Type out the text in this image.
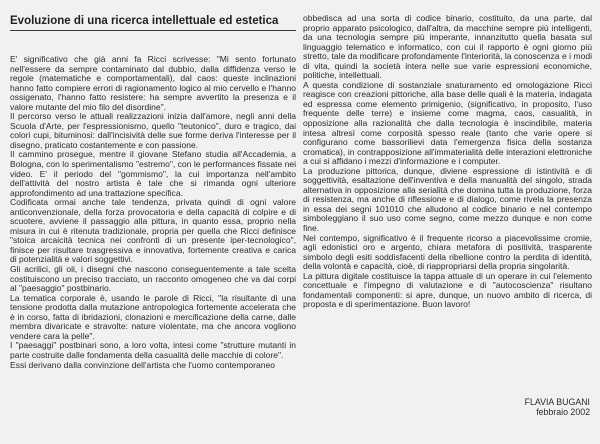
Evoluzione di una ricerca intellettuale ed estetica

E' significativo che già anni fa Ricci scrivesse: "Mi sento fortunato nell'essere da sempre contaminato dal dubbio, dalla diffidenza verso le regole (matematiche e comportamentali), dal caos: queste inclinazioni hanno fatto compiere errori di ragionamento logico al mio cervello e l'hanno ossigenato, l'hanno fatto resistere: ha sempre avvertito la presenza e il valore mutante del mio filo del disordine".

Il percorso verso le attuali realizzazioni inizia dall'amore, negli anni della Scuola d'Arte, per l'espressionismo, quello "teutonico", duro e tragico, dai colori cupi, bituminosi: dall'incisività delle sue forme deriva l'interesse per il disegno, praticato costantemente e con passione.

Il cammino prosegue, mentre il giovane Stefano studia all'Accademia, a Bologna, con lo sperimentalismo "estremo", con le performances fissate nei video. E' il periodo del "gommismo", la cui importanza nell'ambito dell'attività del nostro artista è tale che si rimanda ogni ulteriore approfondimento ad una trattazione specifica.

Codificata ormai anche tale tendenza, privata quindi di ogni valore anticonvenzionale, della forza provocatoria e della capacità di colpire e di scuotere, avviene il passaggio alla pittura, in quanto essa, proprio nella misura in cui è ritenuta tradizionale, propria per quella che Ricci definisce "stoica arcaicità tecnica nei confronti di un presente iper-tecnologico", finisce per risultare trasgressiva e innovativa, fortemente creativa e carica di potenzialità e valori soggettivi.

Gli acrilici, gli oli, i disegni che nascono conseguentemente a tale scelta costituiscono un preciso tracciato, un racconto omogeneo che va dai corpi al "paesaggio" postbinario.

La tematica corporale è, usando le parole di Ricci, "la risultante di una tensione prodotta dalla mutazione antropologica fortemente accelerata che è in corso, fatta di ibridazioni, clonazioni e mercificazione della carne, dalle membra divaricate e stravolte: nature violentate, ma che ancora vogliono vendere cara la pelle".

I "paesaggi" postbinari sono, a loro volta, intesi come "strutture mutanti in parte costruite dalle fondamenta della casualità delle macchie di colore".

Essi derivano dalla convinzione dell'artista che l'uomo contemporaneo

obbedisca ad una sorta di codice binario, costituito, da una parte, dal proprio apparato psicologico, dall'altra, da macchine sempre più intelligenti, da una tecnologia sempre più imperante, innanzitutto quella basata sul linguaggio telematico e informatico, con cui il rapporto è ogni giorno più stretto, tale da modificare profondamente l'interiorità, la conoscenza e i modi di vita, quindi la società intera nelle sue varie espressioni economiche, politiche, intellettuali.

A questa condizione di sostanziale snaturamento ed omologazione Ricci reagisce con creazioni pittoriche, alla base delle quali è la materia, indagata ed espressa come elemento primigenio, (significativo, in proposito, l'uso frequente delle terre) e insieme come magma, caos, casualità, in opposizione alla razionalità che dalla tecnologia è inscindibile, materia intesa altresì come corposità spesso reale (tanto che varie opere si configurano come bassorilievi data l'emergenza fisica della sostanza cromatica), in contrapposizione all'immaterialità delle interazioni elettroniche a cui si affidano i mezzi d'informazione e i computer.

La produzione pittorica, dunque, diviene espressione di istintività e di soggettività, esaltazione dell'inventiva e della manualità del singolo, strada alternativa in opposizione alla serialità che domina tutta la produzione, forza di resistenza, ma anche di riflessione e di dialogo, come rivela la presenza in essa dei segni 101010 che alludono al codice binario e nel contempo simboleggiano il suo uso come segno, come mezzo dunque e non come fine.

Nel contempo, significativo è il frequente ricorso a piacevolissime cromie, agli edonistici oro e argento, chiara metafora di positività, trasparente simbolo degli esiti soddisfacenti della ribellione contro la perdita di identità, della volontà e capacità, cioè, di riappropriarsi della propria singolarità.

La pittura digitale costituisce la tappa attuale di un operare in cui l'elemento concettuale e l'impegno di valutazione e di "autocoscienza" risultano fondamentali componenti: si apre, dunque, un nuovo ambito di ricerca, di proposta e di sperimentazione. Buon lavoro!

FLAVIA BUGANI
febbraio 2002
